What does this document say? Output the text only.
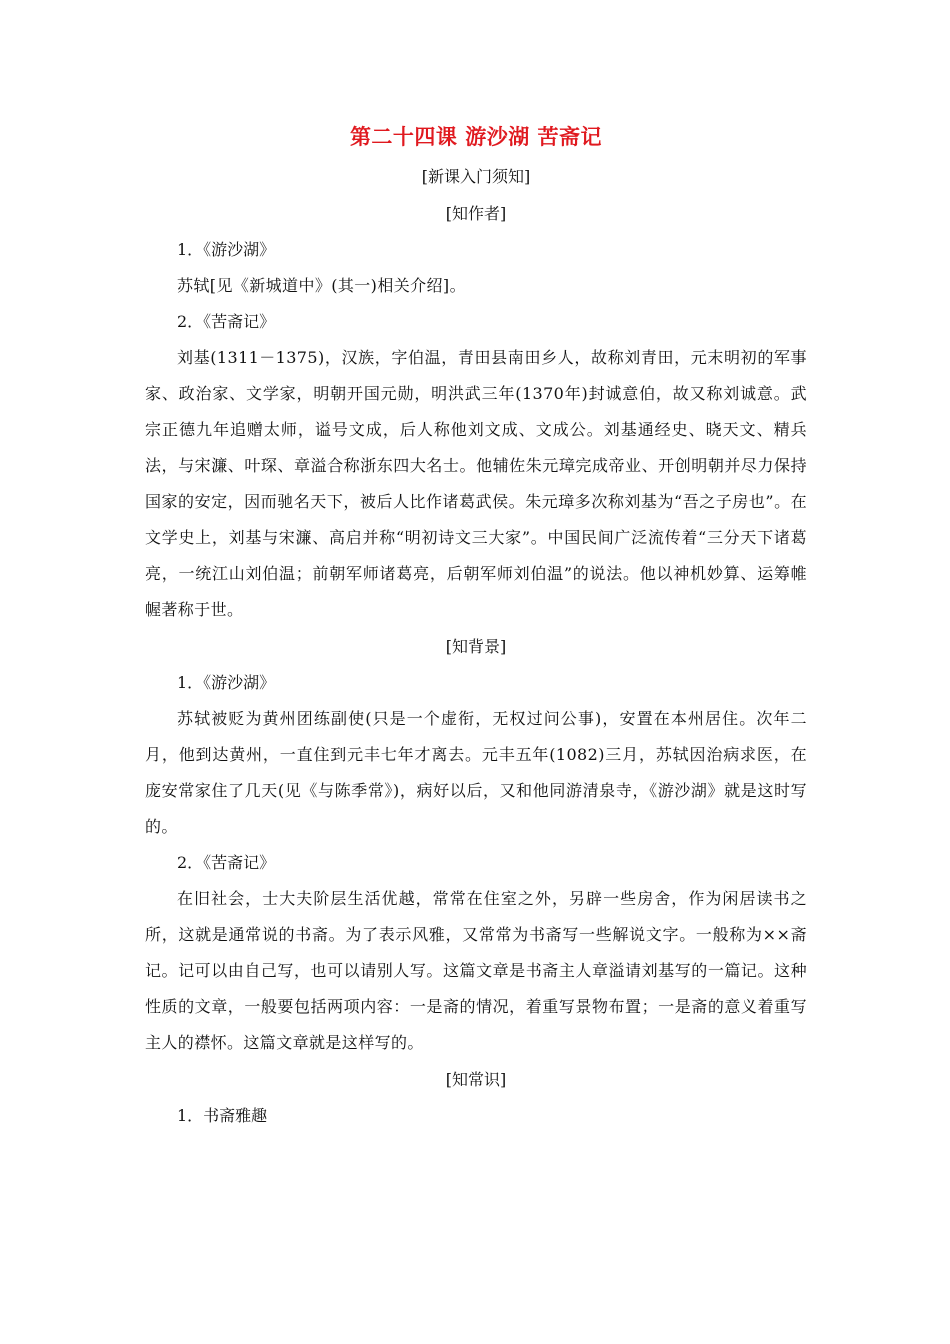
第二十四课 游沙湖 苦斋记

[新课入门须知]

[知作者]

1．《游沙湖》

苏轼[见《新城道中》(其一)相关介绍]。

2．《苦斋记》

刘基(1311－1375)，汉族，字伯温，青田县南田乡人，故称刘青田，元末明初的军事家、政治家、文学家，明朝开国元勋，明洪武三年(1370年)封诚意伯，故又称刘诚意。武宗正德九年追赠太师，谥号文成，后人称他刘文成、文成公。刘基通经史、晓天文、精兵法，与宋濂、叶琛、章溢合称浙东四大名士。他辅佐朱元璋完成帝业、开创明朝并尽力保持国家的安定，因而驰名天下，被后人比作诸葛武侯。朱元璋多次称刘基为“吾之子房也”。在文学史上，刘基与宋濂、高启并称“明初诗文三大家”。中国民间广泛流传着“三分天下诸葛亮，一统江山刘伯温；前朝军师诸葛亮，后朝军师刘伯温”的说法。他以神机妙算、运筹帷幄著称于世。

[知背景]

1．《游沙湖》

苏轼被贬为黄州团练副使(只是一个虚衔，无权过问公事)，安置在本州居住。次年二月，他到达黄州，一直住到元丰七年才离去。元丰五年(1082)三月，苏轼因治病求医，在庞安常家住了几天(见《与陈季常》)，病好以后，又和他同游清泉寺，《游沙湖》就是这时写的。

2．《苦斋记》

在旧社会，士大夫阶层生活优越，常常在住室之外，另辟一些房舍，作为闲居读书之所，这就是通常说的书斋。为了表示风雅，又常常为书斋写一些解说文字。一般称为××斋记。记可以由自己写，也可以请别人写。这篇文章是书斋主人章溢请刘基写的一篇记。这种性质的文章，一般要包括两项内容：一是斋的情况，着重写景物布置；一是斋的意义着重写主人的襟怀。这篇文章就是这样写的。

[知常识]

1．书斋雅趣
